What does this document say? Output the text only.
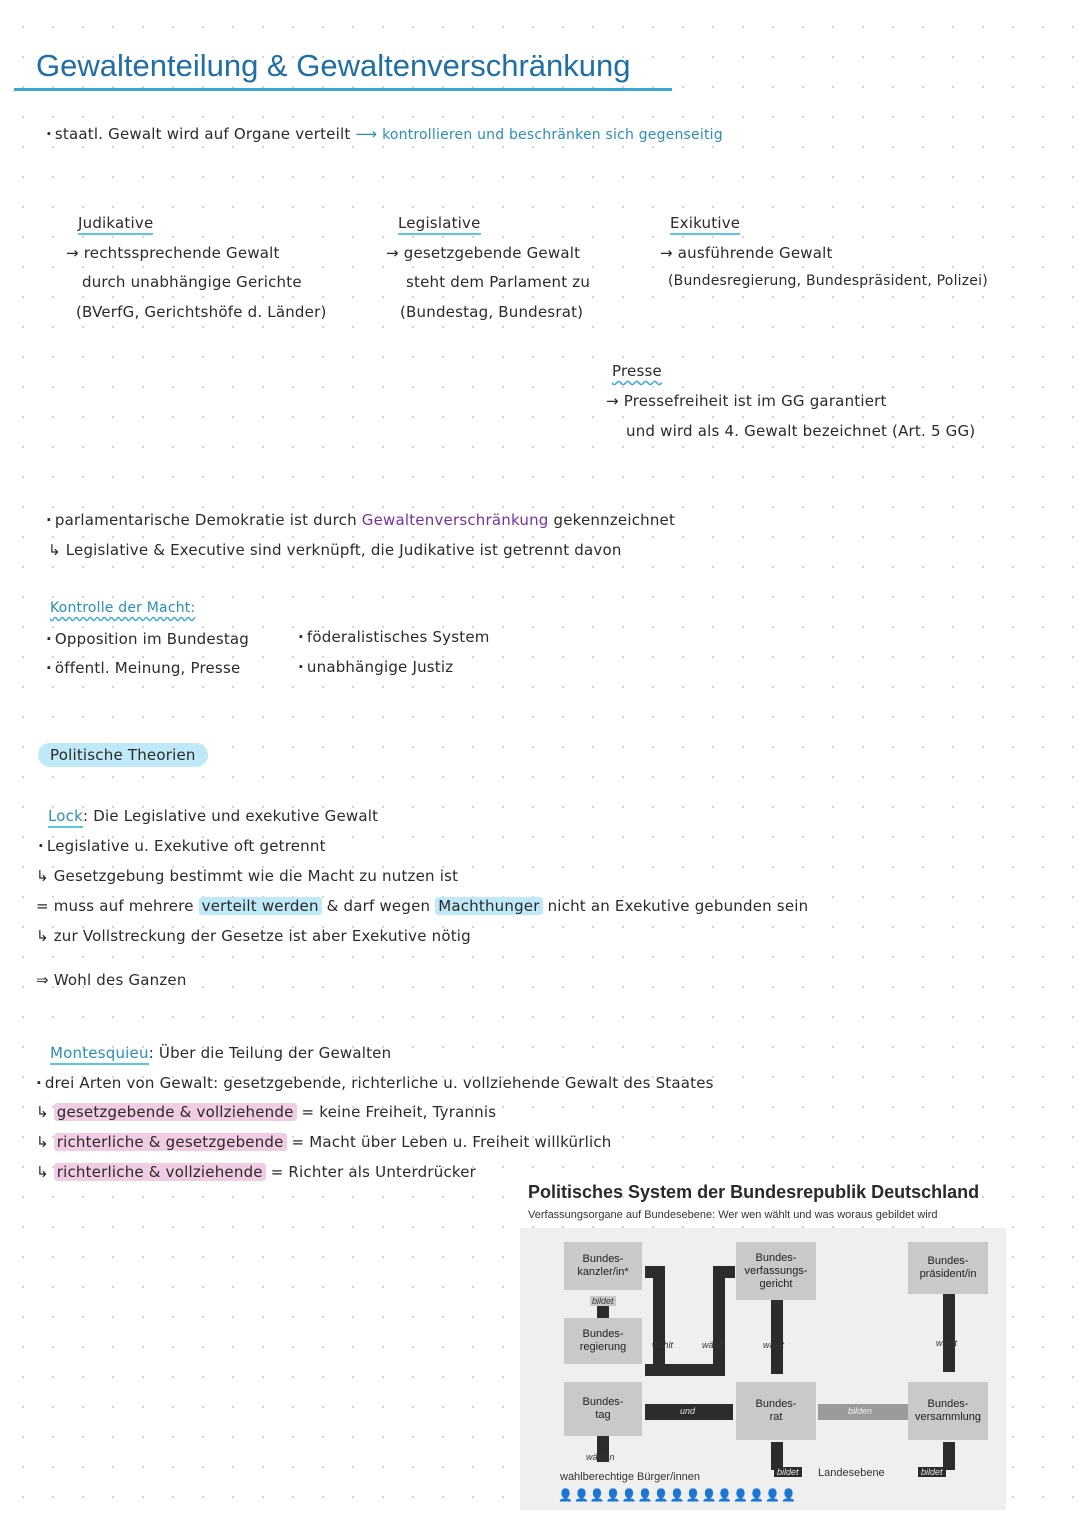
Gewaltenteilung & Gewaltenverschränkung
· staatl. Gewalt wird auf Organe verteilt ⟶ kontrollieren und beschränken sich gegenseitig
Judikative
→ rechtssprechende Gewalt
durch unabhängige Gerichte
(BVerfG, Gerichtshöfe d. Länder)
Legislative
→ gesetzgebende Gewalt
steht dem Parlament zu
(Bundestag, Bundesrat)
Exikutive
→ ausführende Gewalt
(Bundesregierung, Bundespräsident, Polizei)
Presse
→ Pressefreiheit ist im GG garantiert
und wird als 4. Gewalt bezeichnet (Art. 5 GG)
· parlamentarische Demokratie ist durch Gewaltenverschränkung gekennzeichnet
↳ Legislative & Executive sind verknüpft, die Judikative ist getrennt davon
Kontrolle der Macht:
· Opposition im Bundestag
· öffentl. Meinung, Presse
· föderalistisches System
· unabhängige Justiz
Politische Theorien
Lock: Die Legislative und exekutive Gewalt
· Legislative u. Exekutive oft getrennt
↳ Gesetzgebung bestimmt wie die Macht zu nutzen ist
= muss auf mehrere verteilt werden & darf wegen Machthunger nicht an Exekutive gebunden sein
↳ zur Vollstreckung der Gesetze ist aber Exekutive nötig
⇒ Wohl des Ganzen
Montesquieu: Über die Teilung der Gewalten
· drei Arten von Gewalt: gesetzgebende, richterliche u. vollziehende Gewalt des Staates
↳ gesetzgebende & vollziehende = keine Freiheit, Tyrannis
↳ richterliche & gesetzgebende = Macht über Leben u. Freiheit willkürlich
↳ richterliche & vollziehende = Richter als Unterdrücker
Politisches System der Bundesrepublik Deutschland
Verfassungsorgane auf Bundesebene: Wer wen wählt und was woraus gebildet wird
Bundes-
kanzler/in*
Bundes-
regierung
Bundes-
tag
Bundes-
verfassungs-
gericht
Bundes-
rat
Bundes-
präsident/in
Bundes-
versammlung
bildet
wählt	wählt	wählt	wählt
und	bilden
wählen
wahlberechtige Bürger/innen	bildet Landesebene	bildet
👤👤👤👤👤👤👤👤👤👤👤👤👤👤👤
